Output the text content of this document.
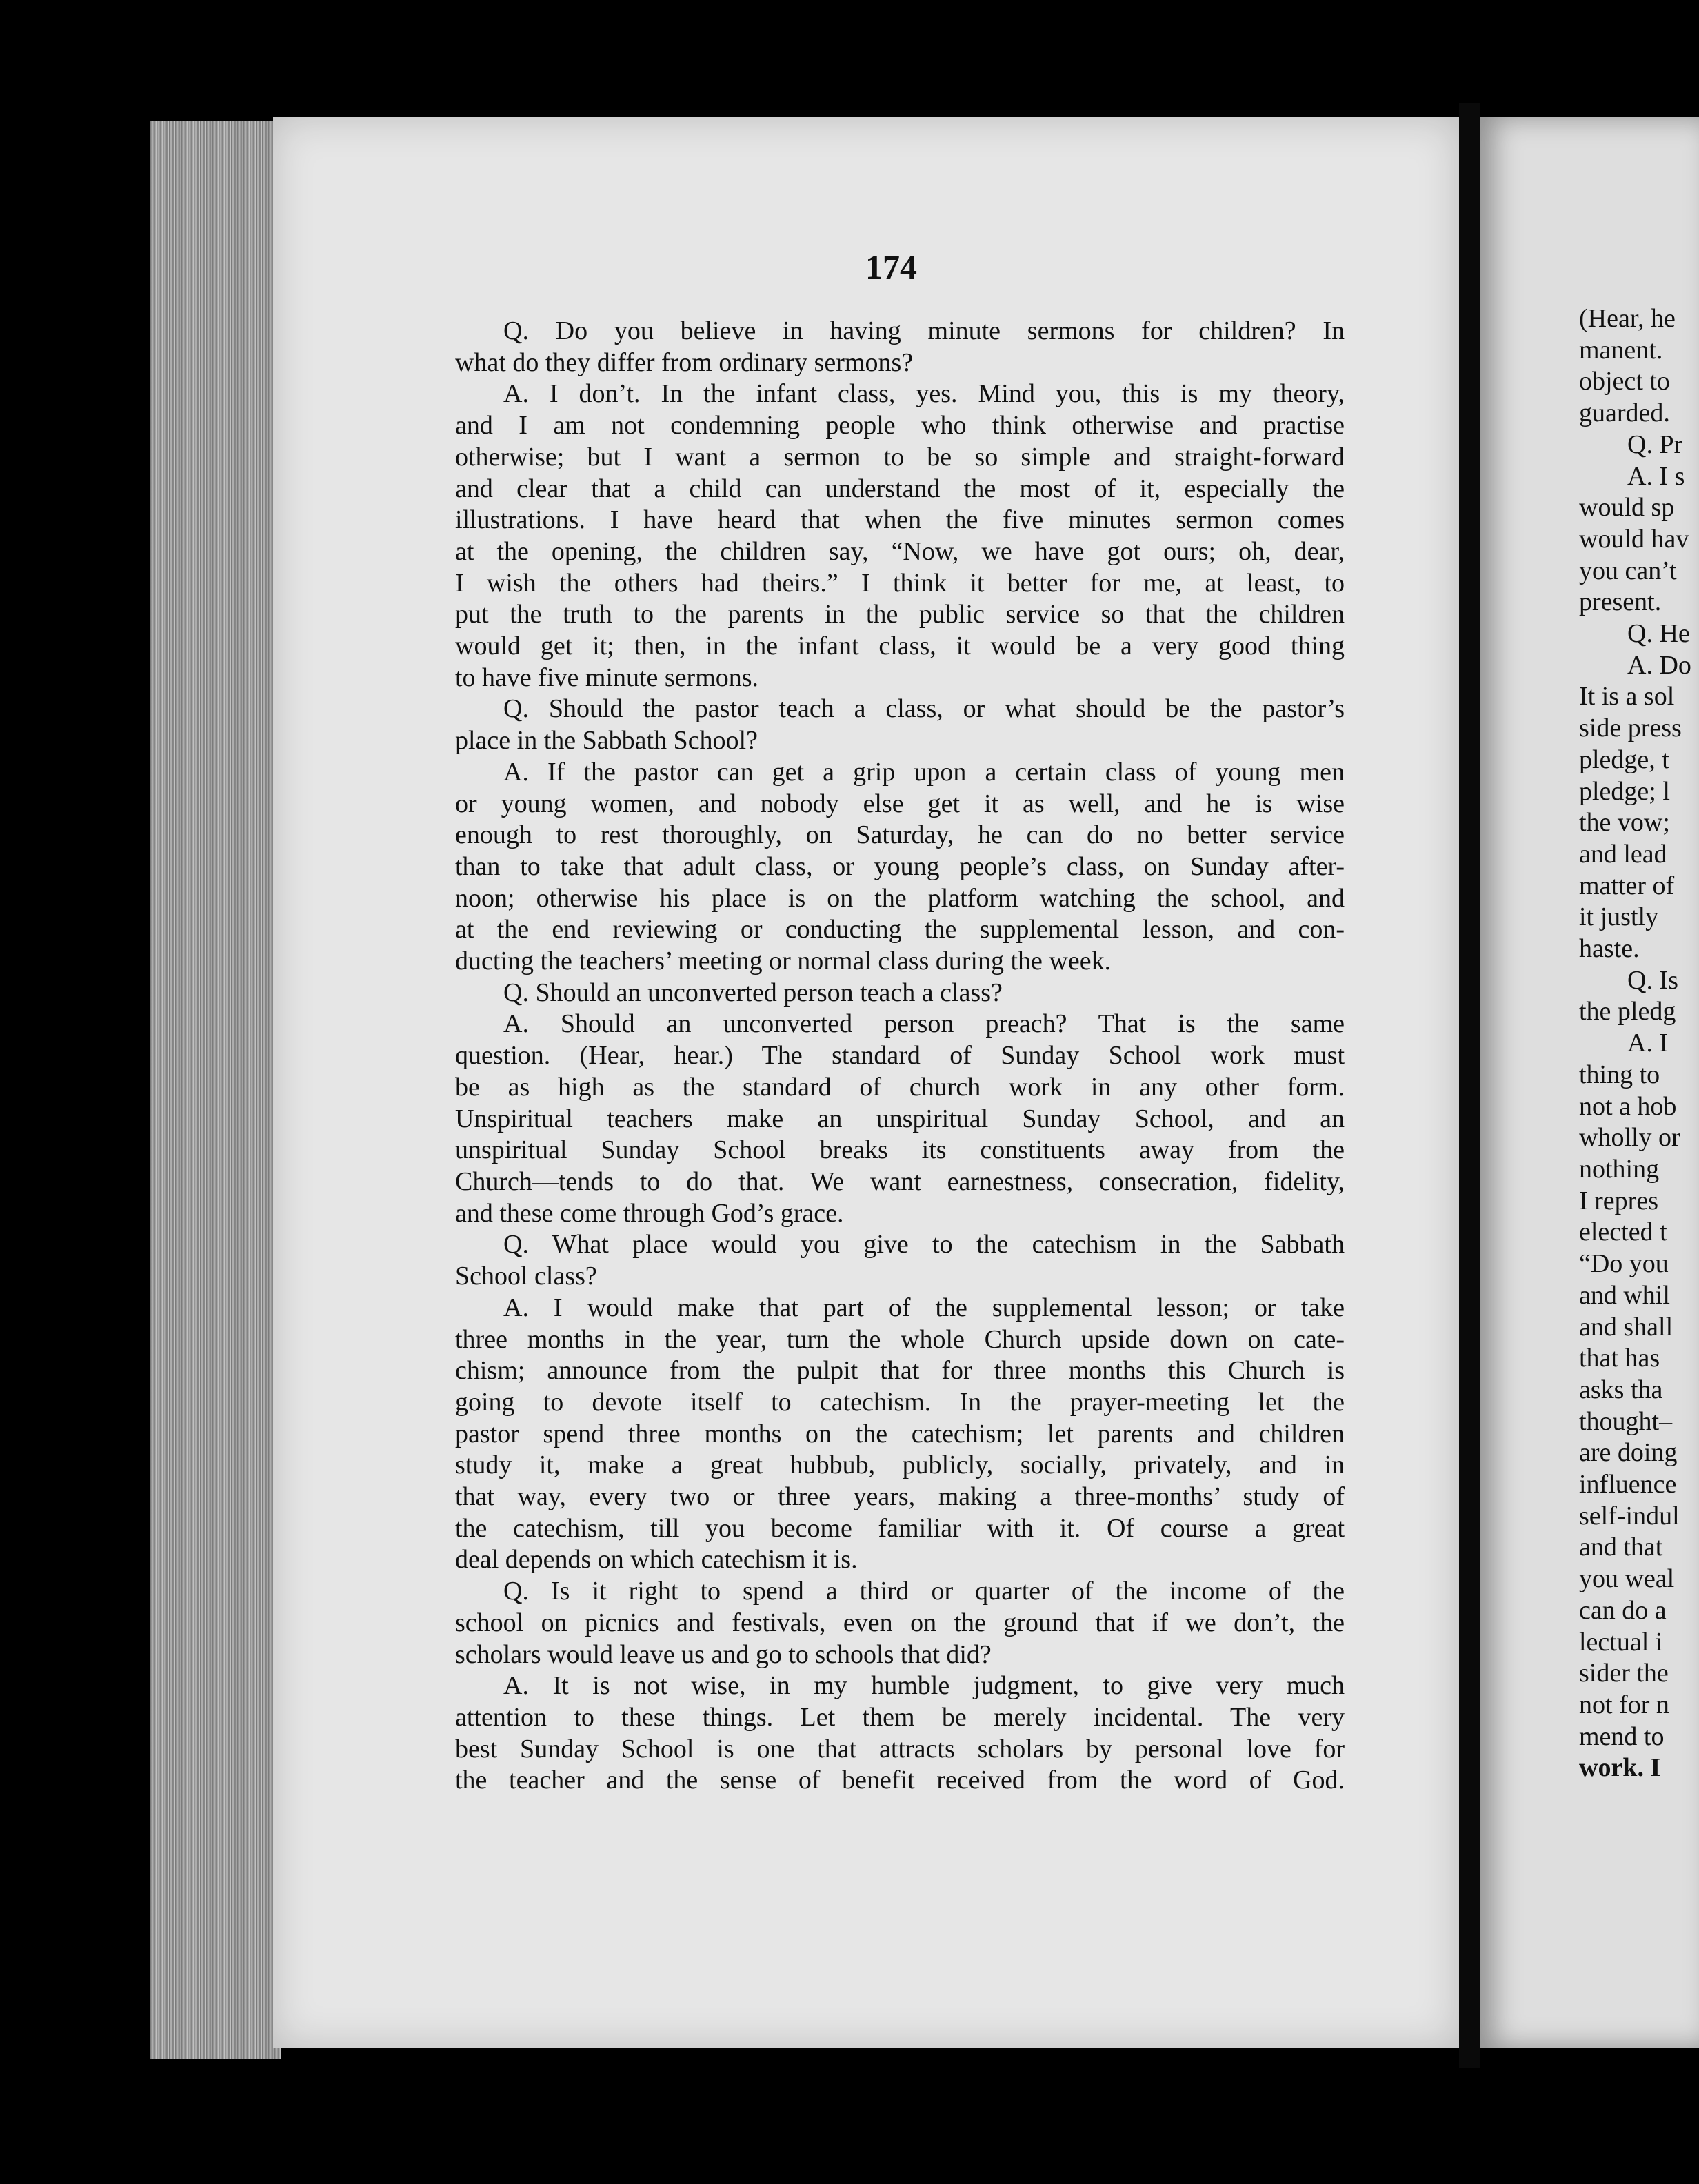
174
Q. Do you believe in having minute sermons for children? In
what do they differ from ordinary sermons?
A. I don’t. In the infant class, yes. Mind you, this is my theory,
and I am not condemning people who think otherwise and practise
otherwise; but I want a sermon to be so simple and straight-forward
and clear that a child can understand the most of it, especially the
illustrations. I have heard that when the five minutes sermon comes
at the opening, the children say, “Now, we have got ours; oh, dear,
I wish the others had theirs.” I think it better for me, at least, to
put the truth to the parents in the public service so that the children
would get it; then, in the infant class, it would be a very good thing
to have five minute sermons.
Q. Should the pastor teach a class, or what should be the pastor’s
place in the Sabbath School?
A. If the pastor can get a grip upon a certain class of young men
or young women, and nobody else get it as well, and he is wise
enough to rest thoroughly, on Saturday, he can do no better service
than to take that adult class, or young people’s class, on Sunday after-
noon; otherwise his place is on the platform watching the school, and
at the end reviewing or conducting the supplemental lesson, and con-
ducting the teachers’ meeting or normal class during the week.
Q. Should an unconverted person teach a class?
A. Should an unconverted person preach? That is the same
question. (Hear, hear.) The standard of Sunday School work must
be as high as the standard of church work in any other form.
Unspiritual teachers make an unspiritual Sunday School, and an
unspiritual Sunday School breaks its constituents away from the
Church—tends to do that. We want earnestness, consecration, fidelity,
and these come through God’s grace.
Q. What place would you give to the catechism in the Sabbath
School class?
A. I would make that part of the supplemental lesson; or take
three months in the year, turn the whole Church upside down on cate-
chism; announce from the pulpit that for three months this Church is
going to devote itself to catechism. In the prayer-meeting let the
pastor spend three months on the catechism; let parents and children
study it, make a great hubbub, publicly, socially, privately, and in
that way, every two or three years, making a three-months’ study of
the catechism, till you become familiar with it. Of course a great
deal depends on which catechism it is.
Q. Is it right to spend a third or quarter of the income of the
school on picnics and festivals, even on the ground that if we don’t, the
scholars would leave us and go to schools that did?
A. It is not wise, in my humble judgment, to give very much
attention to these things. Let them be merely incidental. The very
best Sunday School is one that attracts scholars by personal love for
the teacher and the sense of benefit received from the word of God.
(Hear, he
manent.
object to
guarded.
Q. Pr
A. I s
would sp
would hav
you can’t
present.
Q. He
A. Do
It is a sol
side press
pledge, t
pledge; l
the vow;
and lead
matter of
it justly
haste.
Q. Is
the pledg
A. I
thing to
not a hob
wholly or
nothing
I repres
elected t
“Do you
and whil
and shall
that has
asks tha
thought–
are doing
influence
self-indul
and that
you weal
can do a
lectual i
sider the
not for n
mend to
work. I
